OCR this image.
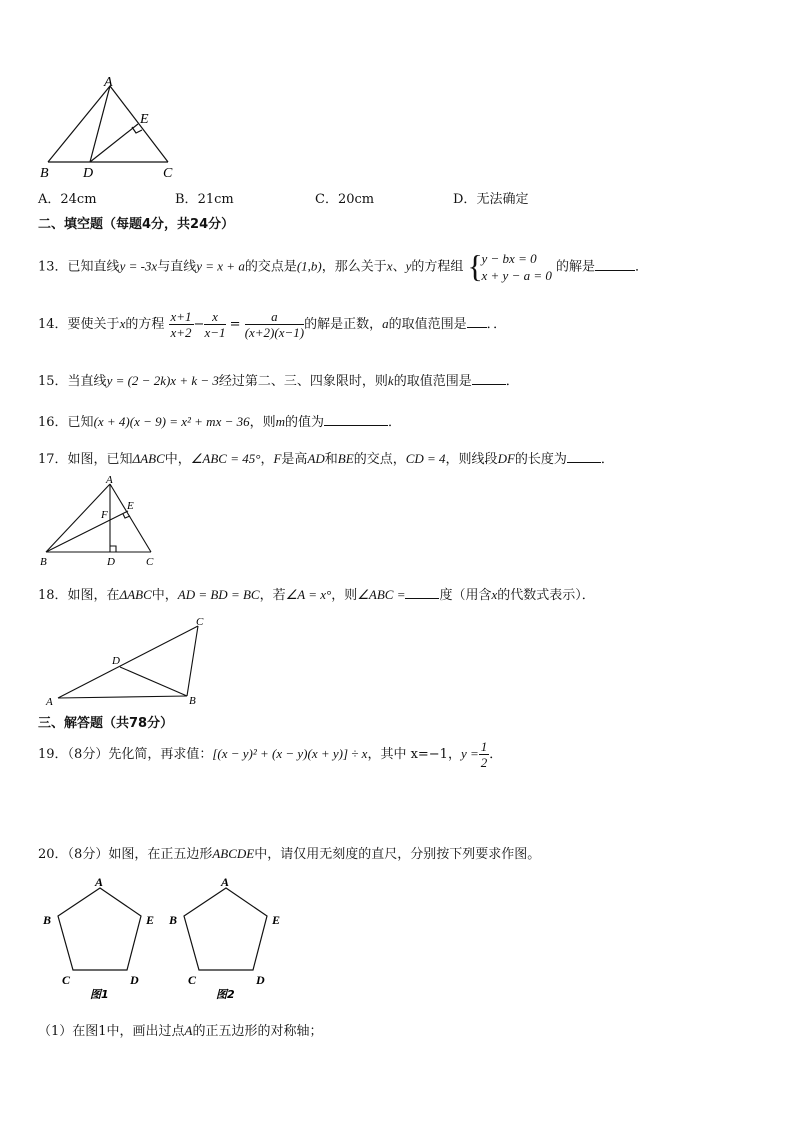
A
E
B D	C
A．24cm	B．21cm	C．20cm	D．无法确定
二、填空题（每题4分，共24分）
13．已知直线y = -3x与直线y = x + a的交点是(1,b)，那么关于x、y的方程组 {
y − bx = 0
x + y − a = 0
的解是	．
14．要使关于x的方程 $\frac{x+1}{x+2} - \frac{x}{x-1} = \frac{a}{(x+2)(x-1)}$ 的解是正数，a的取值范围是 ．．
15．当直线y = (2 − 2k)x + k − 3经过第二、三、四象限时，则k的取值范围是	．
16．已知(x + 4)(x − 9) = x² + mx − 36，则m的值为	．
17．如图，已知ΔABC中，∠ABC = 45°，F是高AD和BE的交点，CD = 4，则线段DF的长度为	．
A
E
F
B	D	C
18．如图，在ΔABC中，AD = BD = BC，若∠A = x°，则∠ABC =	度（用含x的代数式表示）．
C
D
A	B
三、解答题（共78分）
19．（8分）先化简，再求值：[(x − y)² + (x − y)(x + y)] ÷ x，其中 x=−1，$y = \frac{1}{2}$ ．
20．（8分）如图，在正五边形ABCDE中，请仅用无刻度的直尺，分别按下列要求作图。
A
B	E
C	D
图1
A
B	E
C	D
图2
（1）在图1中，画出过点A的正五边形的对称轴；
